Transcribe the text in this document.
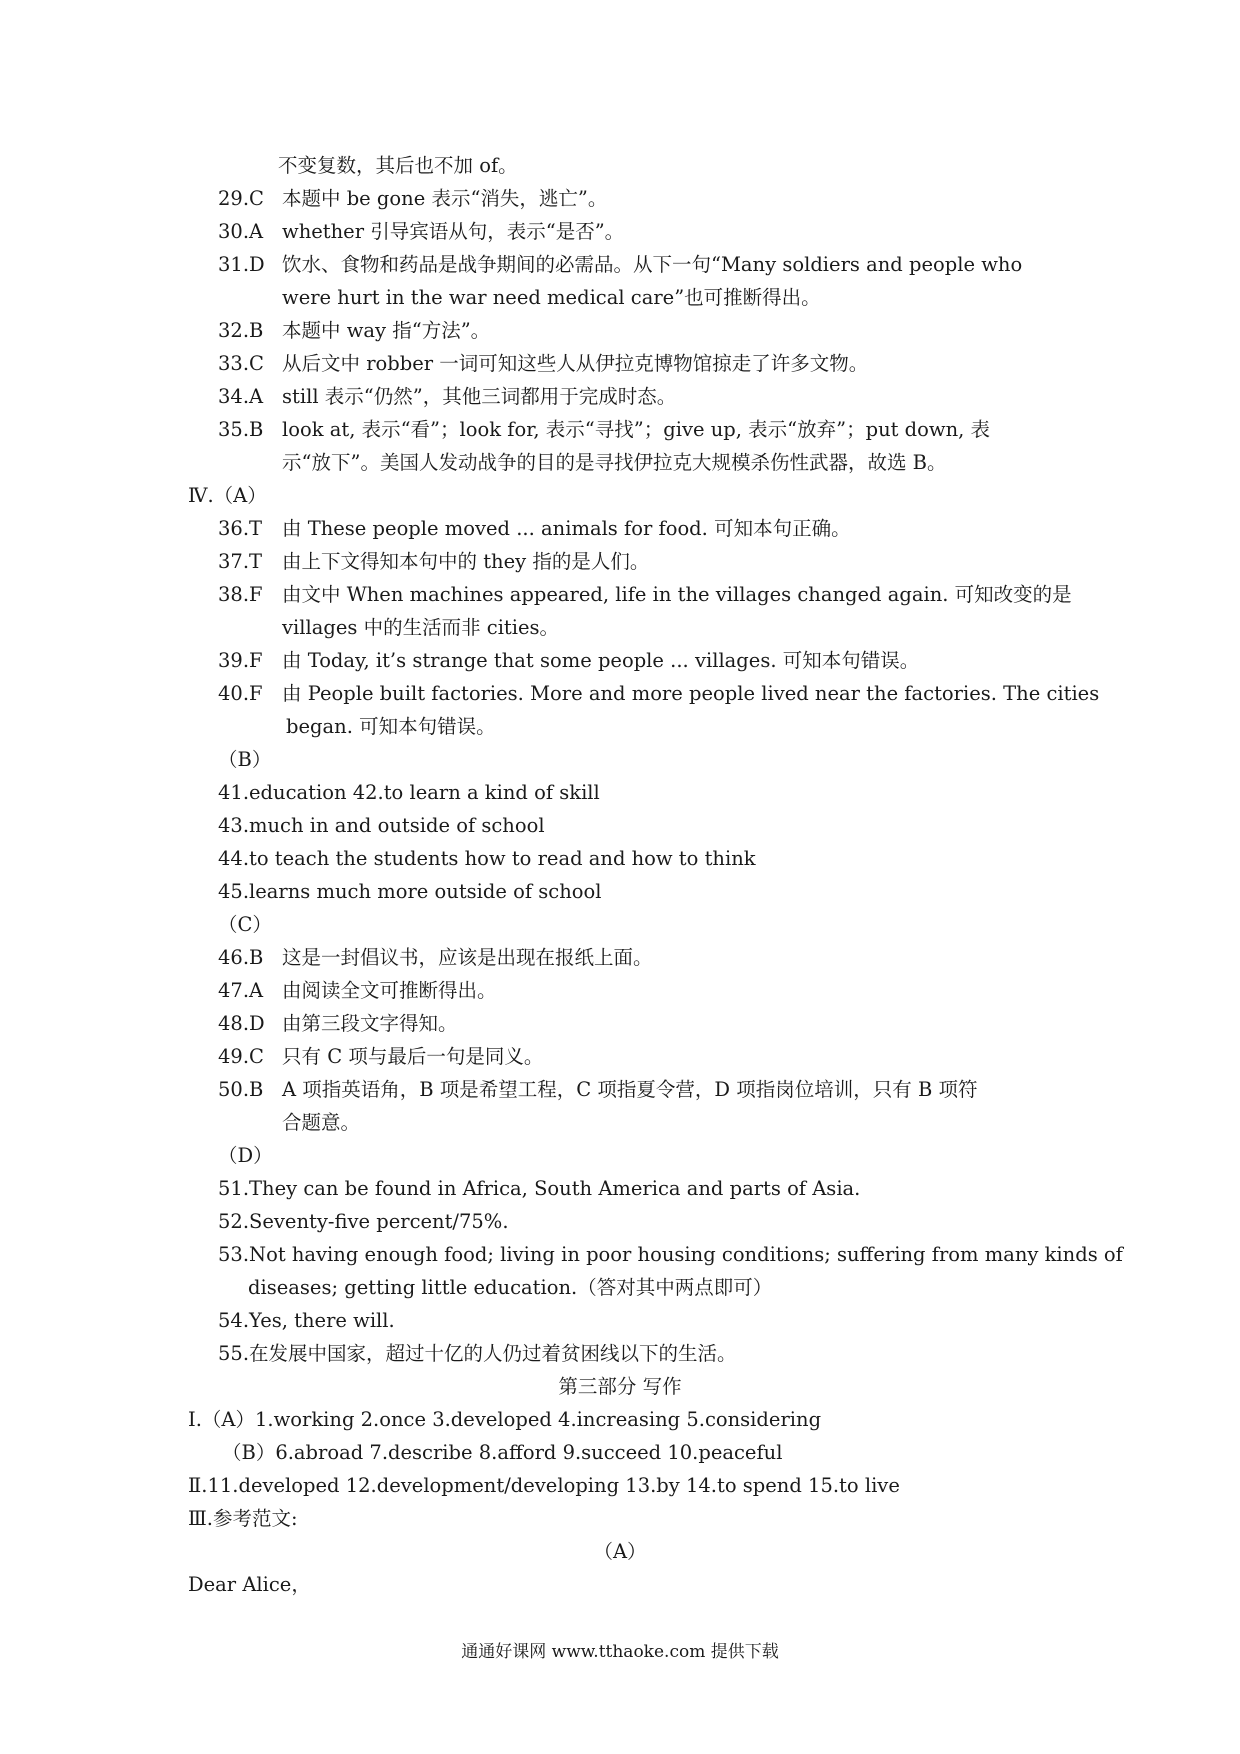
不变复数，其后也不加 of。
29.C 本题中 be gone 表示“消失，逃亡”。
30.A whether 引导宾语从句，表示“是否”。
31.D 饮水、食物和药品是战争期间的必需品。从下一句“Many soldiers and people who
were hurt in the war need medical care”也可推断得出。
32.B 本题中 way 指“方法”。
33.C 从后文中 robber 一词可知这些人从伊拉克博物馆掠走了许多文物。
34.A still 表示“仍然”，其他三词都用于完成时态。
35.B look at, 表示“看”；look for, 表示“寻找”；give up, 表示“放弃”；put down, 表
示“放下”。美国人发动战争的目的是寻找伊拉克大规模杀伤性武器，故选 B。
Ⅳ.（A）
36.T 由 These people moved ... animals for food. 可知本句正确。
37.T 由上下文得知本句中的 they 指的是人们。
38.F 由文中 When machines appeared, life in the villages changed again. 可知改变的是
villages 中的生活而非 cities。
39.F 由 Today, it’s strange that some people ... villages. 可知本句错误。
40.F 由 People built factories. More and more people lived near the factories. The cities
began. 可知本句错误。
（B）
41.education 42.to learn a kind of skill
43.much in and outside of school
44.to teach the students how to read and how to think
45.learns much more outside of school
（C）
46.B 这是一封倡议书，应该是出现在报纸上面。
47.A 由阅读全文可推断得出。
48.D 由第三段文字得知。
49.C 只有 C 项与最后一句是同义。
50.B A 项指英语角，B 项是希望工程，C 项指夏令营，D 项指岗位培训，只有 B 项符
合题意。
（D）
51.They can be found in Africa, South America and parts of Asia.
52.Seventy-five percent/75%.
53.Not having enough food; living in poor housing conditions; suffering from many kinds of
diseases; getting little education.（答对其中两点即可）
54.Yes, there will.
55.在发展中国家，超过十亿的人仍过着贫困线以下的生活。
第三部分 写作
Ⅰ.（A）1.working 2.once 3.developed 4.increasing 5.considering
（B）6.abroad 7.describe 8.afford 9.succeed 10.peaceful
Ⅱ.11.developed 12.development/developing 13.by 14.to spend 15.to live
Ⅲ.参考范文:
（A）
Dear Alice，
通通好课网 www.tthaoke.com 提供下载
